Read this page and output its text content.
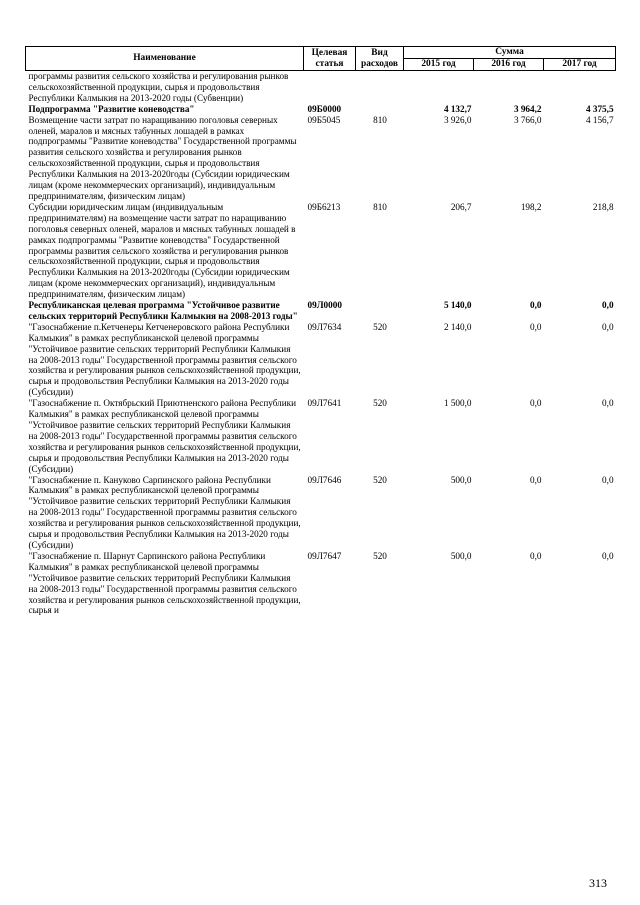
Наименование	Целевая статья	Вид расходов	Сумма		
			2015 год	2016 год	2017 год
программы развития сельского хозяйства и регулирования рынков сельскохозяйственной продукции, сырья и продовольствия Республики Калмыкия на 2013-2020 годы (Субвенции)					
Подпрограмма "Развитие коневодства"	09Б0000		4 132,7	3 964,2	4 375,5
Возмещение части затрат по наращиванию поголовья северных оленей, маралов и мясных табунных лошадей в рамках подпрограммы "Развитие коневодства" Государственной программы развития сельского хозяйства и регулирования рынков сельскохозяйственной продукции, сырья и продовольствия Республики Калмыкия на 2013-2020годы (Субсидии юридическим лицам (кроме некоммерческих организаций), индивидуальным предпринимателям, физическим лицам)	09Б5045	810	3 926,0	3 766,0	4 156,7
Субсидии юридическим лицам (индивидуальным предпринимателям) на возмещение части затрат по наращиванию поголовья северных оленей, маралов и мясных табунных лошадей в рамках подпрограммы "Развитие коневодства" Государственной программы развития сельского хозяйства и регулирования рынков сельскохозяйственной продукции, сырья и продовольствия Республики Калмыкия на 2013-2020годы (Субсидии юридическим лицам (кроме некоммерческих организаций), индивидуальным предпринимателям, физическим лицам)	09Б6213	810	206,7	198,2	218,8
Республиканская целевая программа "Устойчивое развитие сельских территорий Республики Калмыкия на 2008-2013 годы"	09Л0000		5 140,0	0,0	0,0
"Газоснабжение п.Кетченеры Кетченеровского района Республики Калмыкия" в рамках республиканской целевой программы "Устойчивое развитие сельских территорий Республики Калмыкия на 2008-2013 годы" Государственной программы развития сельского хозяйства и регулирования рынков сельскохозяйственной продукции, сырья и продовольствия Республики Калмыкия на 2013-2020 годы (Субсидии)	09Л7634	520	2 140,0	0,0	0,0
"Газоснабжение п. Октябрьский Приютненского района Республики Калмыкия" в рамках республиканской целевой программы "Устойчивое развитие сельских территорий Республики Калмыкия на 2008-2013 годы" Государственной программы развития сельского хозяйства и регулирования рынков сельскохозяйственной продукции, сырья и продовольствия Республики Калмыкия на 2013-2020 годы (Субсидии)	09Л7641	520	1 500,0	0,0	0,0
"Газоснабжение п. Кануково Сарпинского района Республики Калмыкия" в рамках республиканской целевой программы "Устойчивое развитие сельских территорий Республики Калмыкия на 2008-2013 годы" Государственной программы развития сельского хозяйства и регулирования рынков сельскохозяйственной продукции, сырья и продовольствия Республики Калмыкия на 2013-2020 годы (Субсидии)	09Л7646	520	500,0	0,0	0,0
"Газоснабжение п. Шарнут Сарпинского района Республики Калмыкия" в рамках республиканской целевой программы "Устойчивое развитие сельских территорий Республики Калмыкия на 2008-2013 годы" Государственной программы развития сельского хозяйства и регулирования рынков сельскохозяйственной продукции, сырья и	09Л7647	520	500,0	0,0	0,0
313
